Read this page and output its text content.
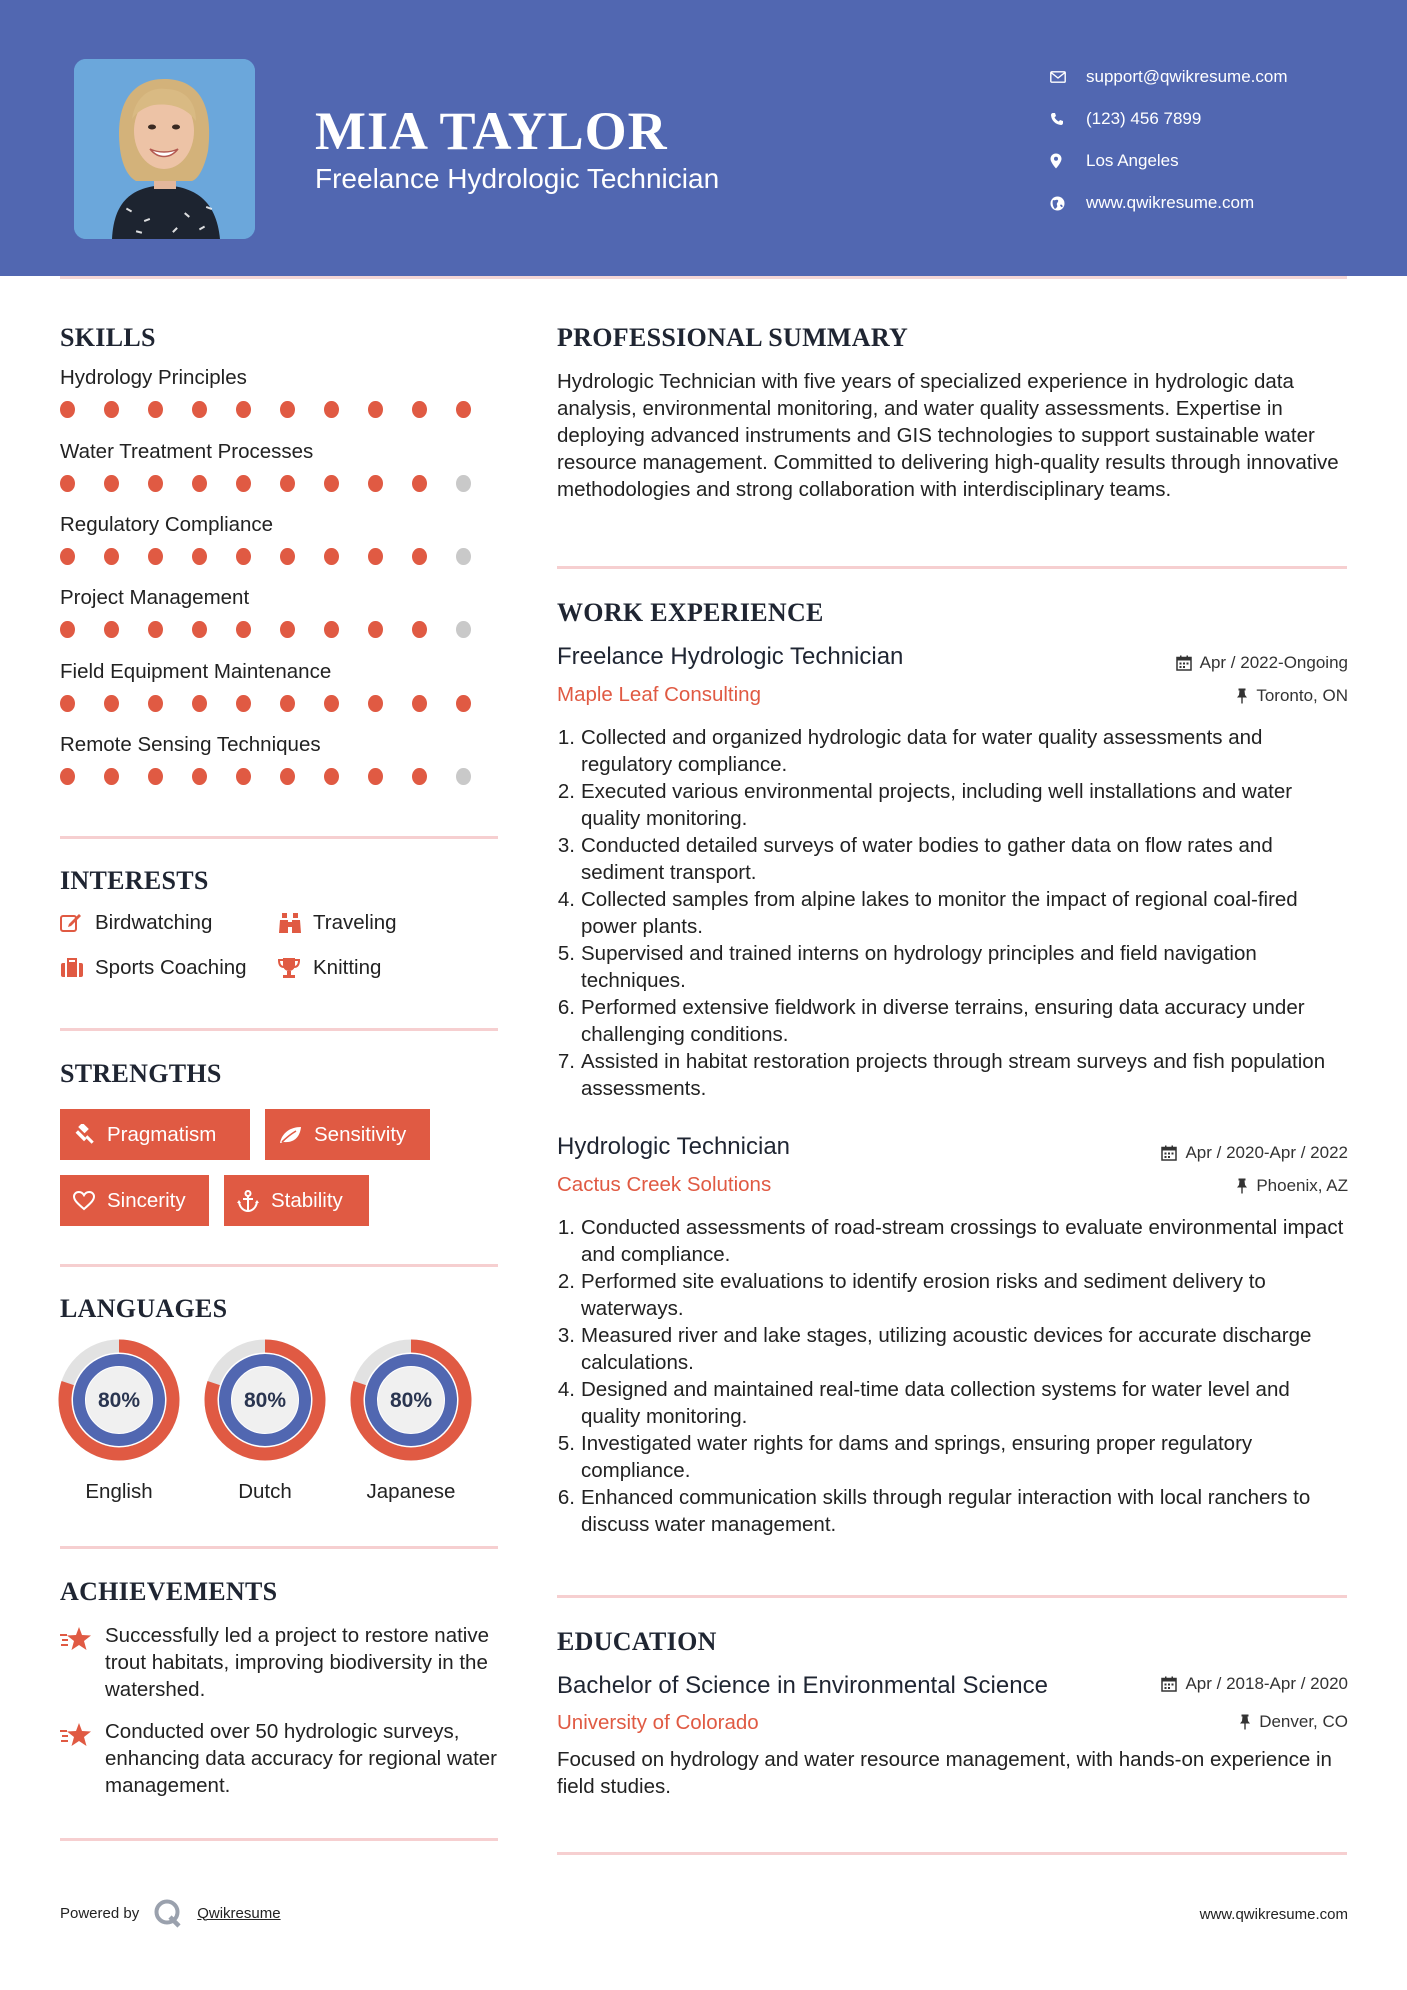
MIA TAYLOR
Freelance Hydrologic Technician
support@qwikresume.com
(123) 456 7899
Los Angeles
www.qwikresume.com
SKILLS
Hydrology Principles
Water Treatment Processes
Regulatory Compliance
Project Management
Field Equipment Maintenance
Remote Sensing Techniques
INTERESTS
Birdwatching	Traveling
Sports Coaching	Knitting
STRENGTHS
Pragmatism	Sensitivity
Sincerity	Stability
LANGUAGES
80%
English
80%
Dutch
80%
Japanese
ACHIEVEMENTS
Successfully led a project to restore native trout habitats, improving biodiversity in the watershed.
Conducted over 50 hydrologic surveys, enhancing data accuracy for regional water management.
PROFESSIONAL SUMMARY
Hydrologic Technician with five years of specialized experience in hydrologic data analysis, environmental monitoring, and water quality assessments. Expertise in deploying advanced instruments and GIS technologies to support sustainable water resource management. Committed to delivering high-quality results through innovative methodologies and strong collaboration with interdisciplinary teams.
WORK EXPERIENCE
Freelance Hydrologic Technician	Apr / 2022-Ongoing
Maple Leaf Consulting	Toronto, ON
1. Collected and organized hydrologic data for water quality assessments and regulatory compliance.
2. Executed various environmental projects, including well installations and water quality monitoring.
3. Conducted detailed surveys of water bodies to gather data on flow rates and sediment transport.
4. Collected samples from alpine lakes to monitor the impact of regional coal-fired power plants.
5. Supervised and trained interns on hydrology principles and field navigation techniques.
6. Performed extensive fieldwork in diverse terrains, ensuring data accuracy under challenging conditions.
7. Assisted in habitat restoration projects through stream surveys and fish population assessments.
Hydrologic Technician	Apr / 2020-Apr / 2022
Cactus Creek Solutions	Phoenix, AZ
1. Conducted assessments of road-stream crossings to evaluate environmental impact and compliance.
2. Performed site evaluations to identify erosion risks and sediment delivery to waterways.
3. Measured river and lake stages, utilizing acoustic devices for accurate discharge calculations.
4. Designed and maintained real-time data collection systems for water level and quality monitoring.
5. Investigated water rights for dams and springs, ensuring proper regulatory compliance.
6. Enhanced communication skills through regular interaction with local ranchers to discuss water management.
EDUCATION
Bachelor of Science in Environmental Science	Apr / 2018-Apr / 2020
University of Colorado	Denver, CO
Focused on hydrology and water resource management, with hands-on experience in field studies.
Powered by	Qwikresume	www.qwikresume.com
